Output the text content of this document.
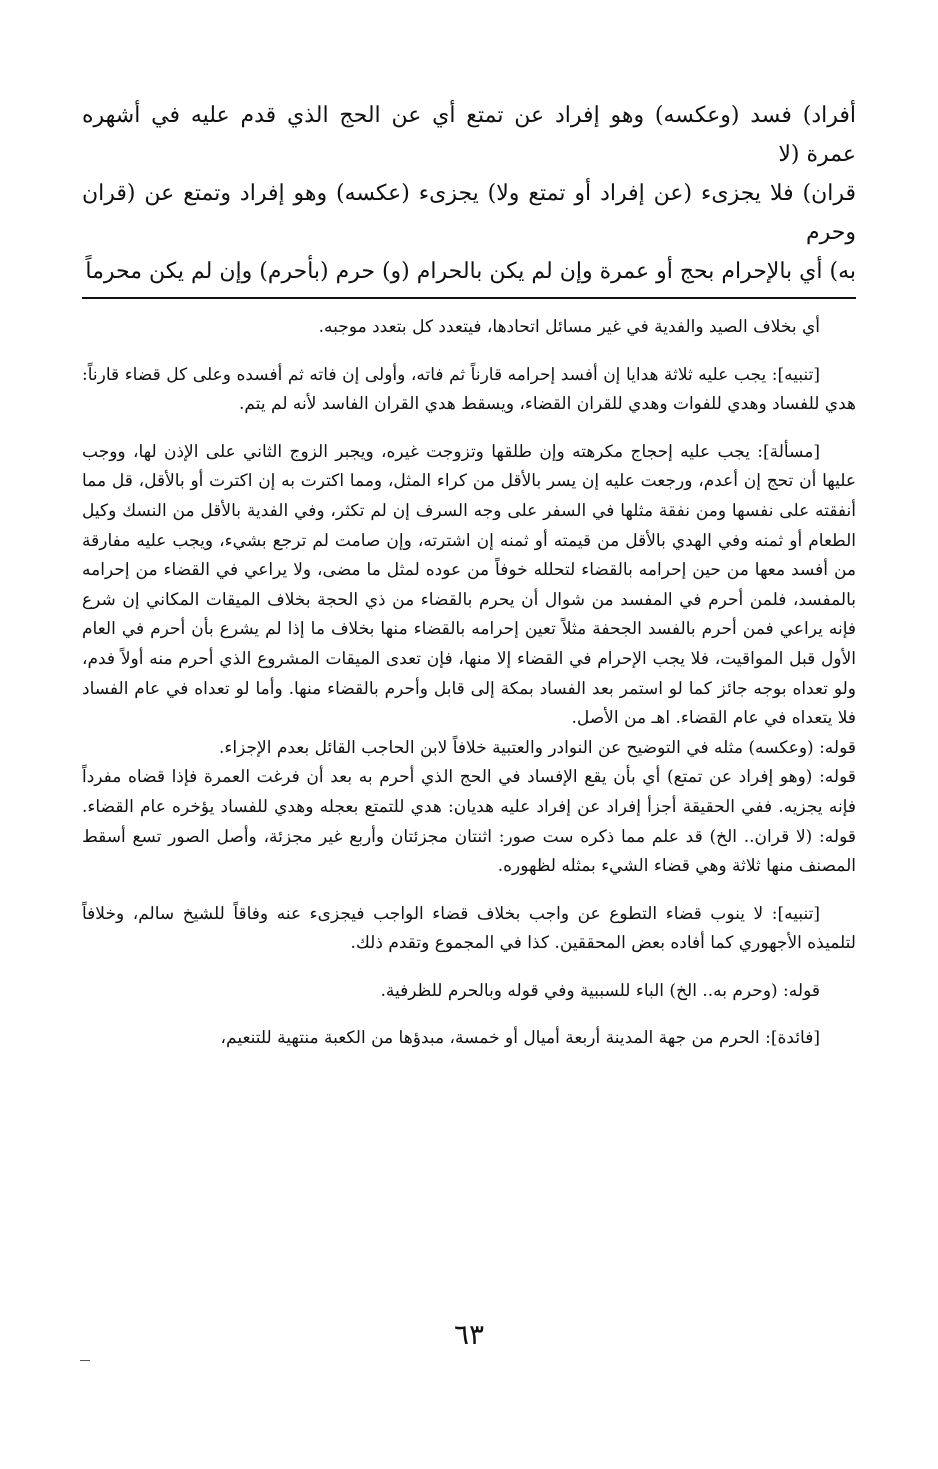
أفراد) فسد (وعكسه) وهو إفراد عن تمتع أي عن الحج الذي قدم عليه في أشهره عمرة (لا

قران) فلا يجزىء (عن إفراد أو تمتع ولا) يجزىء (عكسه) وهو إفراد وتمتع عن (قران وحرم

به) أي بالإحرام بحج أو عمرة وإن لم يكن بالحرام (و) حرم (بأحرم) وإن لم يكن محرماً

أي بخلاف الصيد والفدية في غير مسائل اتحادها، فيتعدد كل بتعدد موجبه.

[تنبيه]: يجب عليه ثلاثة هدايا إن أفسد إحرامه قارناً ثم فاته، وأولى إن فاته ثم أفسده وعلى كل قضاء قارناً: هدي للفساد وهدي للفوات وهدي للقران القضاء، ويسقط هدي القران الفاسد لأنه لم يتم.

[مسألة]: يجب عليه إحجاج مكرهته وإن طلقها وتزوجت غيره، ويجبر الزوج الثاني على الإذن لها، ووجب عليها أن تحج إن أعدم، ورجعت عليه إن يسر بالأقل من كراء المثل، ومما اكترت به إن اكترت أو بالأقل، قل مما أنفقته على نفسها ومن نفقة مثلها في السفر على وجه السرف إن لم تكثر، وفي الفدية بالأقل من النسك وكيل الطعام أو ثمنه وفي الهدي بالأقل من قيمته أو ثمنه إن اشترته، وإن صامت لم ترجع بشيء، ويجب عليه مفارقة من أفسد معها من حين إحرامه بالقضاء لتحلله خوفاً من عوده لمثل ما مضى، ولا يراعي في القضاء من إحرامه بالمفسد، فلمن أحرم في المفسد من شوال أن يحرم بالقضاء من ذي الحجة بخلاف الميقات المكاني إن شرع فإنه يراعي فمن أحرم بالفسد الجحفة مثلاً تعين إحرامه بالقضاء منها بخلاف ما إذا لم يشرع بأن أحرم في العام الأول قبل المواقيت، فلا يجب الإحرام في القضاء إلا منها، فإن تعدى الميقات المشروع الذي أحرم منه أولاً فدم، ولو تعداه بوجه جائز كما لو استمر بعد الفساد بمكة إلى قابل وأحرم بالقضاء منها. وأما لو تعداه في عام الفساد فلا يتعداه في عام القضاء. اهـ من الأصل.

قوله: (وعكسه) مثله في التوضيح عن النوادر والعتبية خلافاً لابن الحاجب القائل بعدم الإجزاء.

قوله: (وهو إفراد عن تمتع) أي بأن يقع الإفساد في الحج الذي أحرم به بعد أن فرغت العمرة فإذا قضاه مفرداً فإنه يجزيه. ففي الحقيقة أجزأ إفراد عن إفراد عليه هديان: هدي للتمتع بعجله وهدي للفساد يؤخره عام القضاء. قوله: (لا قران.. الخ) قد علم مما ذكره ست صور: اثنتان مجزئتان وأربع غير مجزئة، وأصل الصور تسع أسقط المصنف منها ثلاثة وهي قضاء الشيء بمثله لظهوره.

[تنبيه]: لا ينوب قضاء التطوع عن واجب بخلاف قضاء الواجب فيجزىء عنه وفاقاً للشيخ سالم، وخلافاً لتلميذه الأجهوري كما أفاده بعض المحققين. كذا في المجموع وتقدم ذلك.

قوله: (وحرم به.. الخ) الباء للسببية وفي قوله وبالحرم للظرفية.

[فائدة]: الحرم من جهة المدينة أربعة أميال أو خمسة، مبدؤها من الكعبة منتهية للتنعيم،

٦٣
